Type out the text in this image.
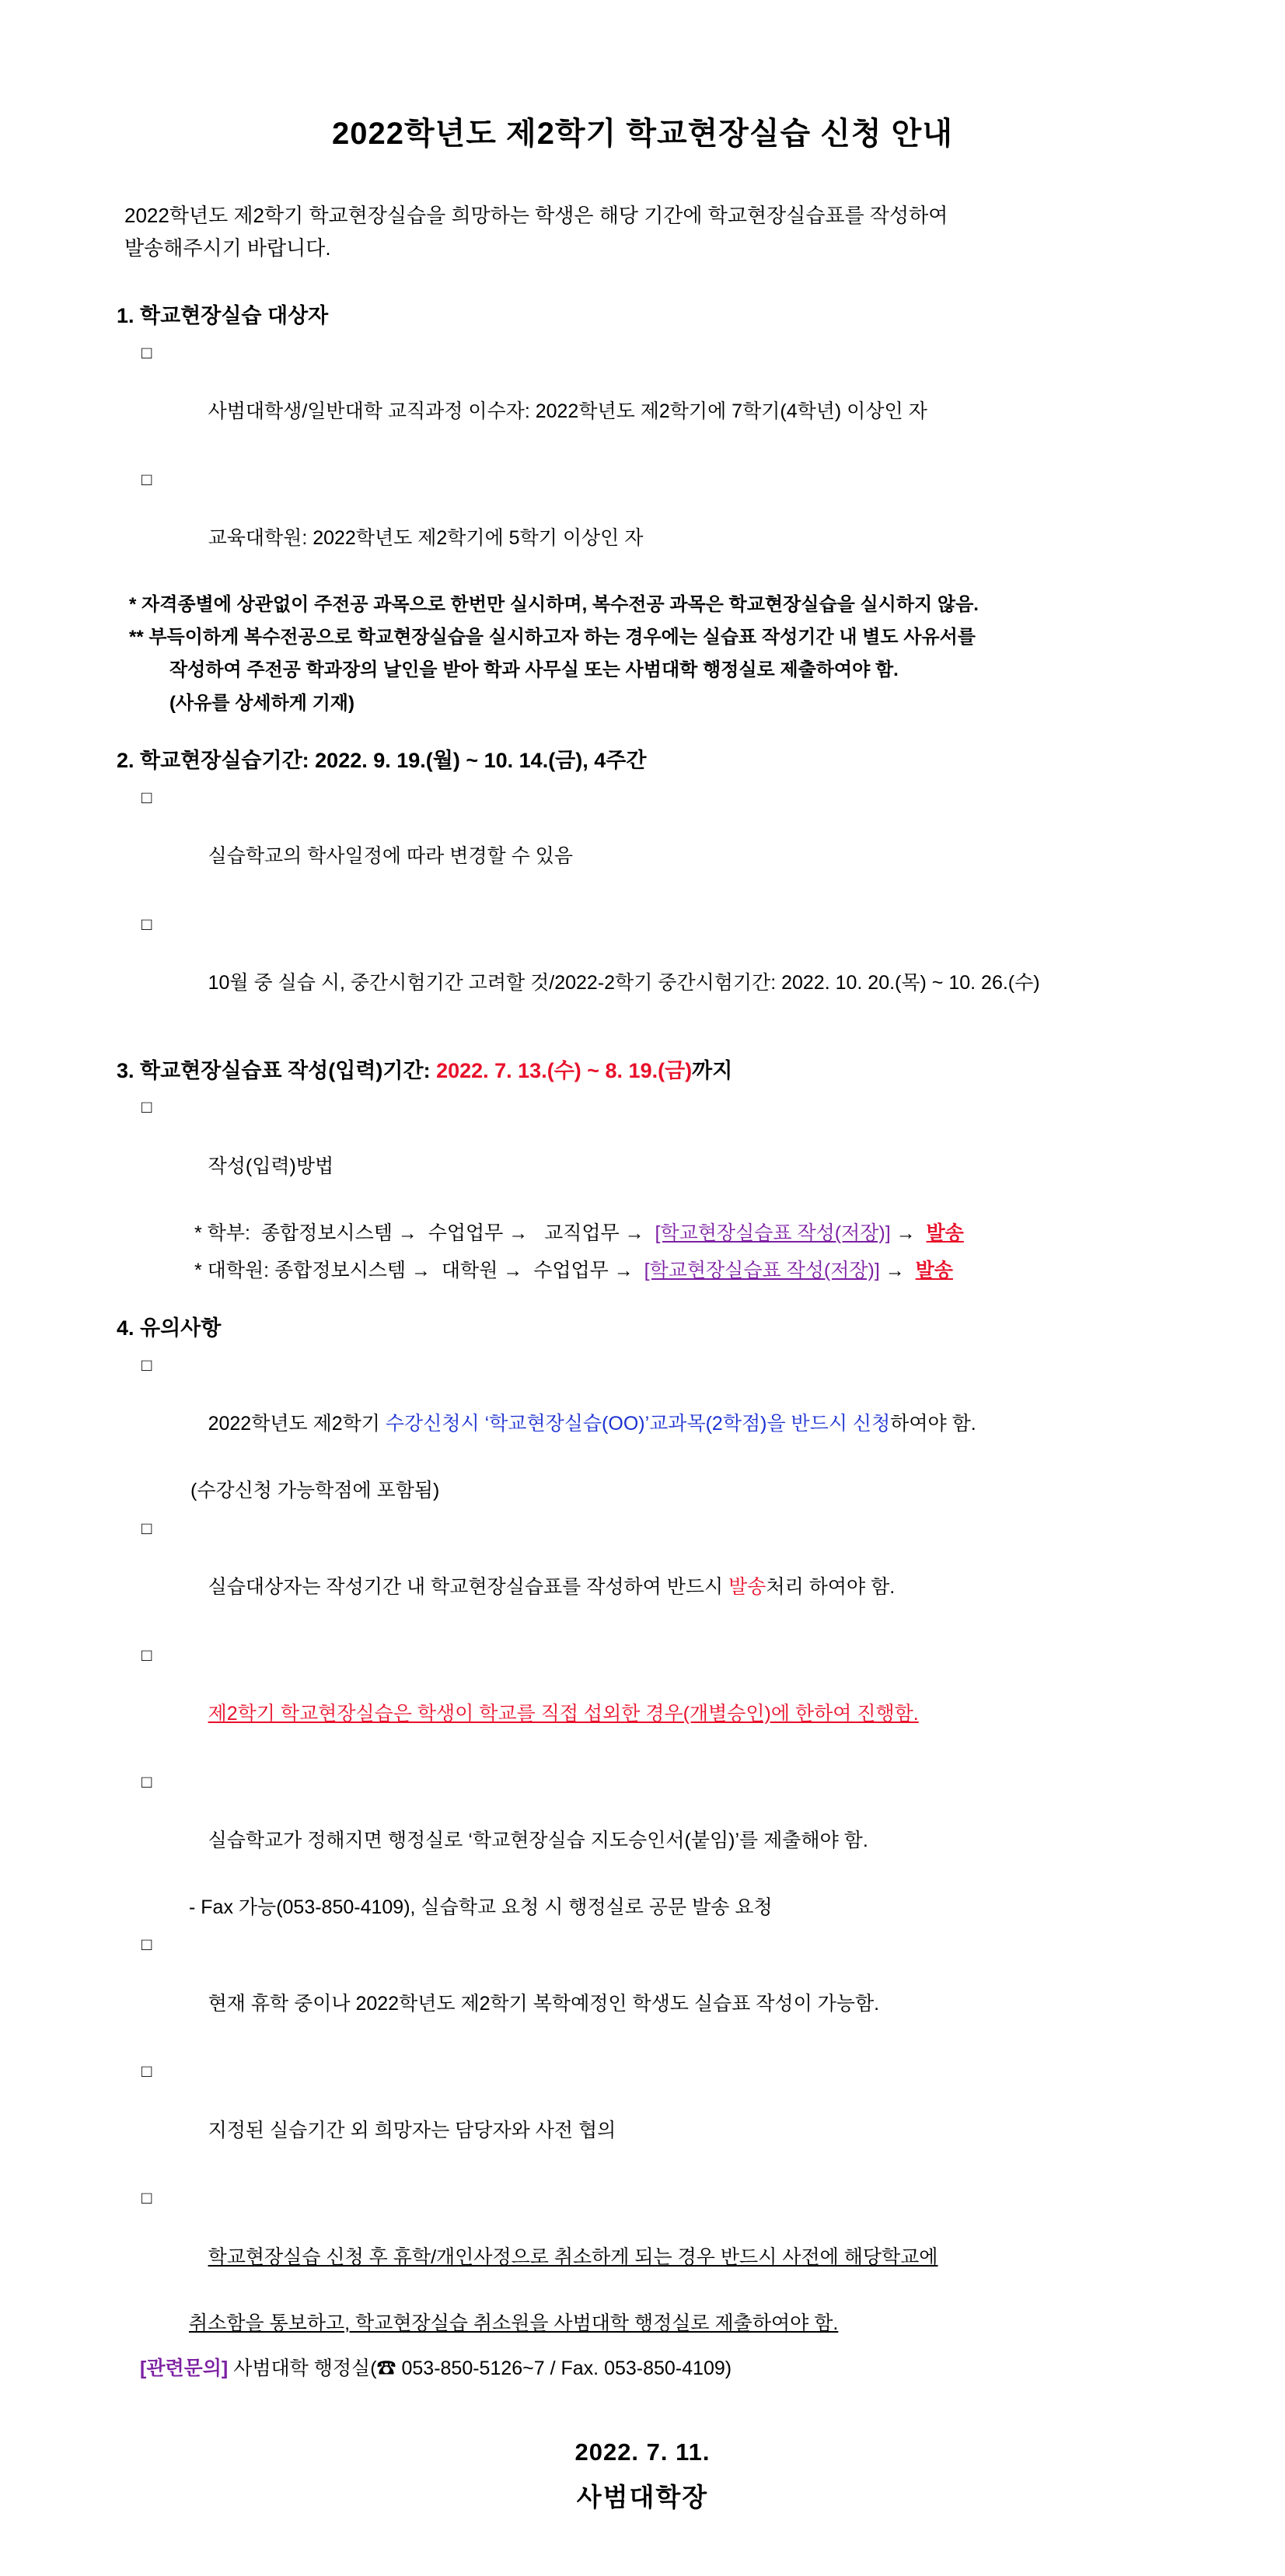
2022학년도 제2학기 학교현장실습 신청 안내
2022학년도 제2학기 학교현장실습을 희망하는 학생은 해당 기간에 학교현장실습표를 작성하여
발송해주시기 바랍니다.
1. 학교현장실습 대상자

□

사범대학생/일반대학 교직과정 이수자: 2022학년도 제2학기에 7학기(4학년) 이상인 자

□

교육대학원: 2022학년도 제2학기에 5학기 이상인 자

* 자격종별에 상관없이 주전공 과목으로 한번만 실시하며, 복수전공 과목은 학교현장실습을 실시하지 않음.
** 부득이하게 복수전공으로 학교현장실습을 실시하고자 하는 경우에는 실습표 작성기간 내 별도 사유서를
작성하여 주전공 학과장의 날인을 받아 학과 사무실 또는 사범대학 행정실로 제출하여야 함.
(사유를 상세하게 기재)
2. 학교현장실습기간: 2022. 9. 19.(월) ~ 10. 14.(금), 4주간

□

실습학교의 학사일정에 따라 변경할 수 있음

□

10월 중 실습 시, 중간시험기간 고려할 것/2022-2학기 중간시험기간: 2022. 10. 20.(목) ~ 10. 26.(수)

3. 학교현장실습표 작성(입력)기간: 2022. 7. 13.(수) ~ 8. 19.(금)까지

□

작성(입력)방법

* 학부:  종합정보시스템 →  수업업무 →   교직업무 →  [학교현장실습표 작성(저장)] →  발송
* 대학원: 종합정보시스템 →  대학원 →  수업업무 →  [학교현장실습표 작성(저장)] →  발송
4. 유의사항

□

2022학년도 제2학기 수강신청시 ‘학교현장실습(OO)’교과목(2학점)을 반드시 신청하여야 함.

(수강신청 가능학점에 포함됨)

□

실습대상자는 작성기간 내 학교현장실습표를 작성하여 반드시 발송처리 하여야 함.

□

제2학기 학교현장실습은 학생이 학교를 직접 섭외한 경우(개별승인)에 한하여 진행함.

□

실습학교가 정해지면 행정실로 ‘학교현장실습 지도승인서(붙임)’를 제출해야 함.

- Fax 가능(053-850-4109), 실습학교 요청 시 행정실로 공문 발송 요청

□

현재 휴학 중이나 2022학년도 제2학기 복학예정인 학생도 실습표 작성이 가능함.

□

지정된 실습기간 외 희망자는 담당자와 사전 협의

□

학교현장실습 신청 후 휴학/개인사정으로 취소하게 되는 경우 반드시 사전에 해당학교에

취소함을 통보하고, 학교현장실습 취소원을 사범대학 행정실로 제출하여야 함.
[관련문의] 사범대학 행정실(☎ 053-850-5126~7 / Fax. 053-850-4109)
2022. 7. 11.
사범대학장
